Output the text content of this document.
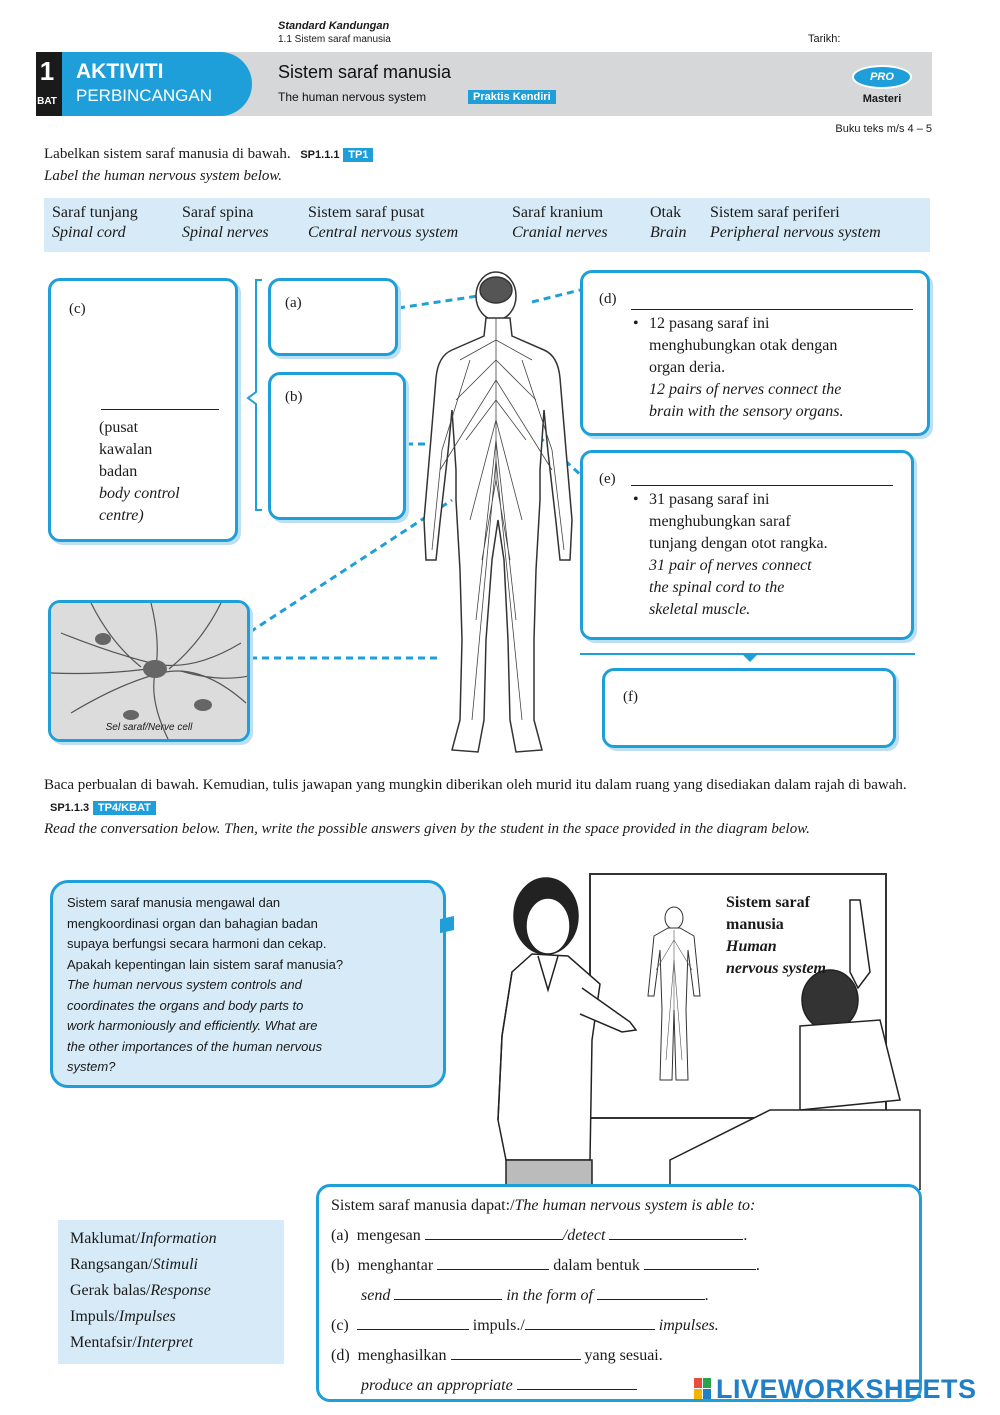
Standard Kandungan
1.1 Sistem saraf manusia	Tarikh:
1
BAT
AKTIVITI
PERBINCANGAN
Sistem saraf manusia
The human nervous system	Praktis Kendiri
PRO
Masteri
Buku teks m/s 4 – 5
Labelkan sistem saraf manusia di bawah. SP1.1.1 TP1
Label the human nervous system below.
Saraf tunjang
Spinal cord
Saraf spina
Spinal nerves
Sistem saraf pusat
Central nervous system
Saraf kranium
Cranial nerves
Otak
Brain
Sistem saraf periferi
Peripheral nervous system
(c)
(pusat
kawalan
badan
body control
centre)
(a)
(b)
(d)
• 12 pasang saraf ini
menghubungkan otak dengan
organ deria.
12 pairs of nerves connect the
brain with the sensory organs.
(e)
• 31 pasang saraf ini
menghubungkan saraf
tunjang dengan otot rangka.
31 pair of nerves connect
the spinal cord to the
skeletal muscle.
(f)
Sel saraf/Nerve cell
Baca perbualan di bawah. Kemudian, tulis jawapan yang mungkin diberikan oleh murid itu dalam ruang yang disediakan dalam rajah di bawah. SP1.1.3 TP4/KBAT
Read the conversation below. Then, write the possible answers given by the student in the space provided in the diagram below.

Sistem saraf manusia mengawal dan

mengkoordinasi organ dan bahagian badan

supaya berfungsi secara harmoni dan cekap.

Apakah kepentingan lain sistem saraf manusia?

The human nervous system controls and

coordinates the organs and body parts to

work harmoniously and efficiently. What are

the other importances of the human nervous

system?

Sistem saraf
manusia
Human
nervous system
Maklumat/Information
Rangsangan/Stimuli
Gerak balas/Response
Impuls/Impulses
Mentafsir/Interpret
Sistem saraf manusia dapat:/The human nervous system is able to:
(a) mengesan	/detect	.
(b) menghantar	dalam bentuk	.
send	in the form of	.
(c)	impuls./	impulses.
(d) menghasilkan	yang sesuai.
produce an appropriate	LIVEWORKSHEETS
